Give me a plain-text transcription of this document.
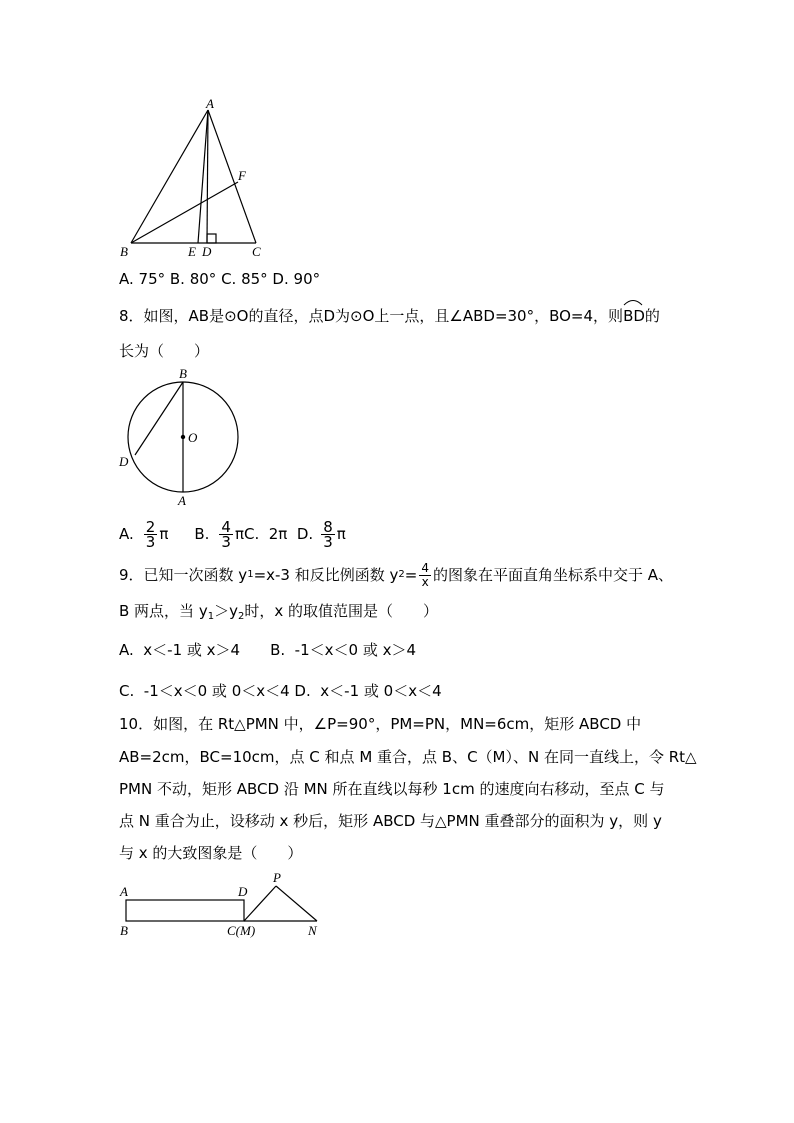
A
B	C
D
E
F
A. 75° B. 80° C. 85° D. 90°
8．如图，AB是⊙O的直径，点D为⊙O上一点，且∠ABD=30°，BO=4，则
BD的
长为（　　）
B
O
D
A
A. $\frac{2}{3}$ π B. $\frac{4}{3} \pi C$.  2π  D. $\frac{8}{3}$ π
9．已知一次函数 y 1 =x-3 和反比例函数 y $2 = \frac{4}{x}$ 的图象在平面直角坐标系中交于 A、
B 两点，当 $y_1>y_2$时，x 的取值范围是（　　）
A.  x＜-1 或 x＞4　　B.  -1＜x＜0 或 x＞4
C.  -1＜x＜0 或 0＜x＜4 D.  x＜-1 或 0＜x＜4
10．如图，在 Rt△PMN 中，∠P=90°，PM=PN，MN=6cm，矩形 ABCD 中
AB=2cm，BC=10cm，点 C 和点 M 重合，点 B、C（M）、N 在同一直线上，令 Rt△
PMN 不动，矩形 ABCD 沿 MN 所在直线以每秒 1cm 的速度向右移动，至点 C 与
点 N 重合为止，设移动 x 秒后，矩形 ABCD 与△PMN 重叠部分的面积为 y，则 y
与 x 的大致图象是（　　）
A	D
P
B	C(M)	N
